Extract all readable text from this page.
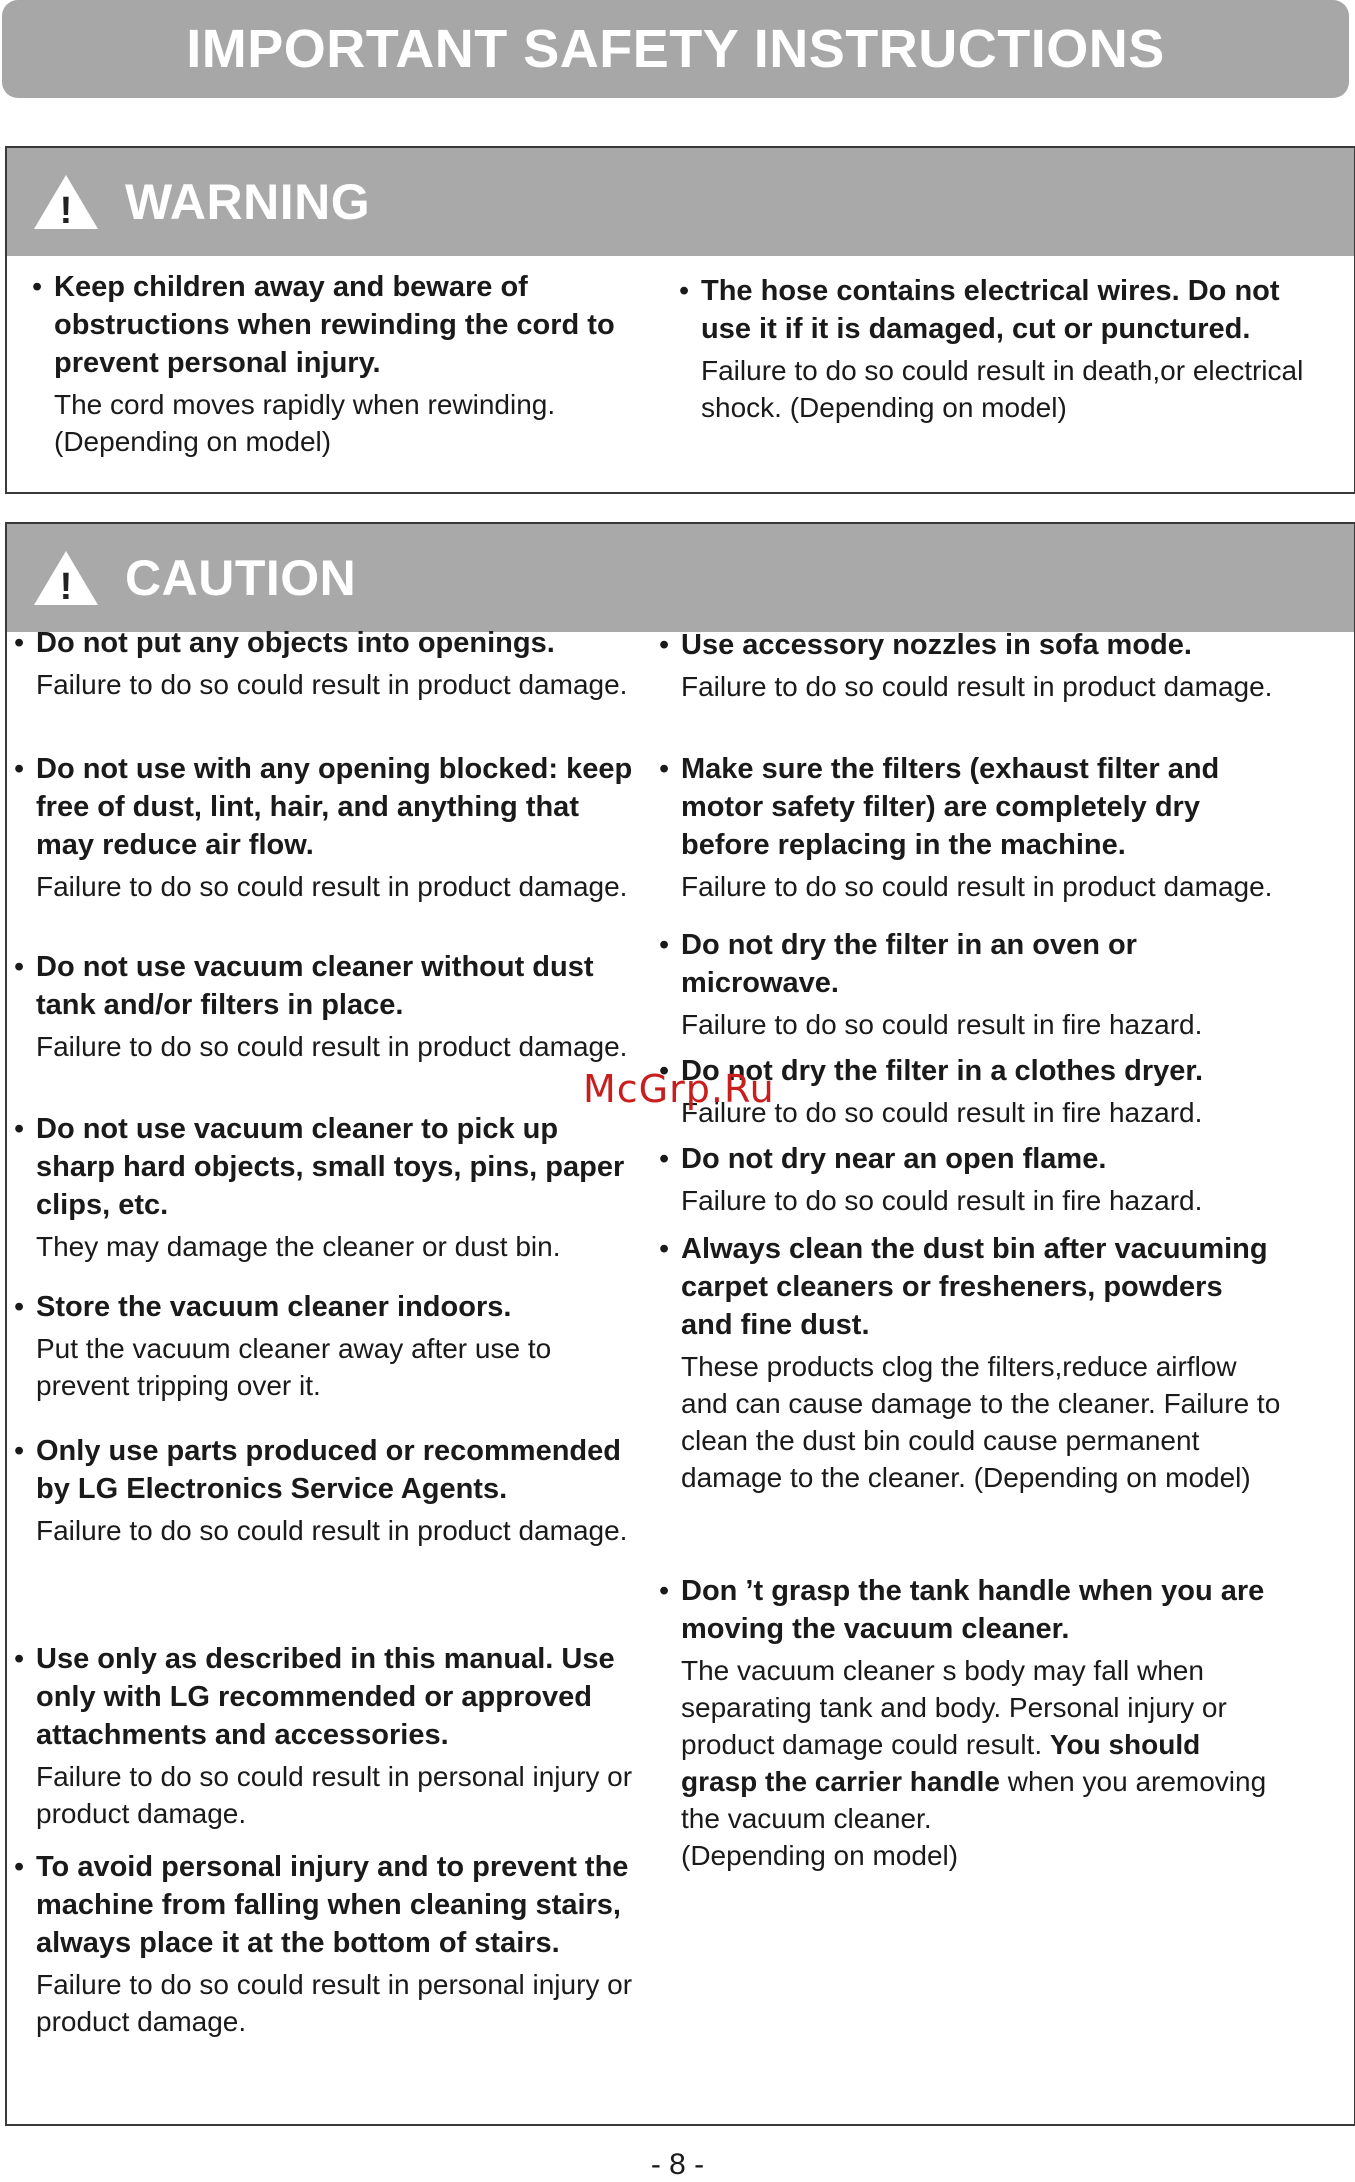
IMPORTANT SAFETY INSTRUCTIONS
! WARNING
• Keep children away and beware of obstructions when rewinding the cord to prevent personal injury.
The cord moves rapidly when rewinding. (Depending on model)
• The hose contains electrical wires. Do not use it if it is damaged, cut or punctured.
Failure to do so could result in death,or electrical shock. (Depending on model)
! CAUTION
• Do not put any objects into openings.
Failure to do so could result in product damage.
• Do not use with any opening blocked: keep free of dust, lint, hair, and anything that may reduce air flow.
Failure to do so could result in product damage.
• Do not use vacuum cleaner without dust tank and/or filters in place.
Failure to do so could result in product damage.
• Do not use vacuum cleaner to pick up sharp hard objects, small toys, pins, paper clips, etc.
They may damage the cleaner or dust bin.
• Store the vacuum cleaner indoors.
Put the vacuum cleaner away after use to prevent tripping over it.
• Only use parts produced or recommended by LG Electronics Service Agents.
Failure to do so could result in product damage.
• Use only as described in this manual. Use only with LG recommended or approved attachments and accessories.
Failure to do so could result in personal injury or product damage.
• To avoid personal injury and to prevent the machine from falling when cleaning stairs, always place it at the bottom of stairs.
Failure to do so could result in personal injury or product damage.
• Use accessory nozzles in sofa mode.
Failure to do so could result in product damage.
• Make sure the filters (exhaust filter and motor safety filter) are completely dry before replacing in the machine.
Failure to do so could result in product damage.
• Do not dry the filter in an oven or microwave.
Failure to do so could result in fire hazard.
• Do not dry the filter in a clothes dryer.
Failure to do so could result in fire hazard.
• Do not dry near an open flame.
Failure to do so could result in fire hazard.
• Always clean the dust bin after vacuuming carpet cleaners or fresheners, powders and fine dust.
These products clog the filters,reduce airflow and can cause damage to the cleaner. Failure to clean the dust bin could cause permanent damage to the cleaner. (Depending on model)
• Don ’t grasp the tank handle when you are moving the vacuum cleaner.
The vacuum cleaner s body may fall when separating tank and body. Personal injury or product damage could result. You should grasp the carrier handle when you aremoving the vacuum cleaner.
(Depending on model)
McGrp.Ru
- 8 -
